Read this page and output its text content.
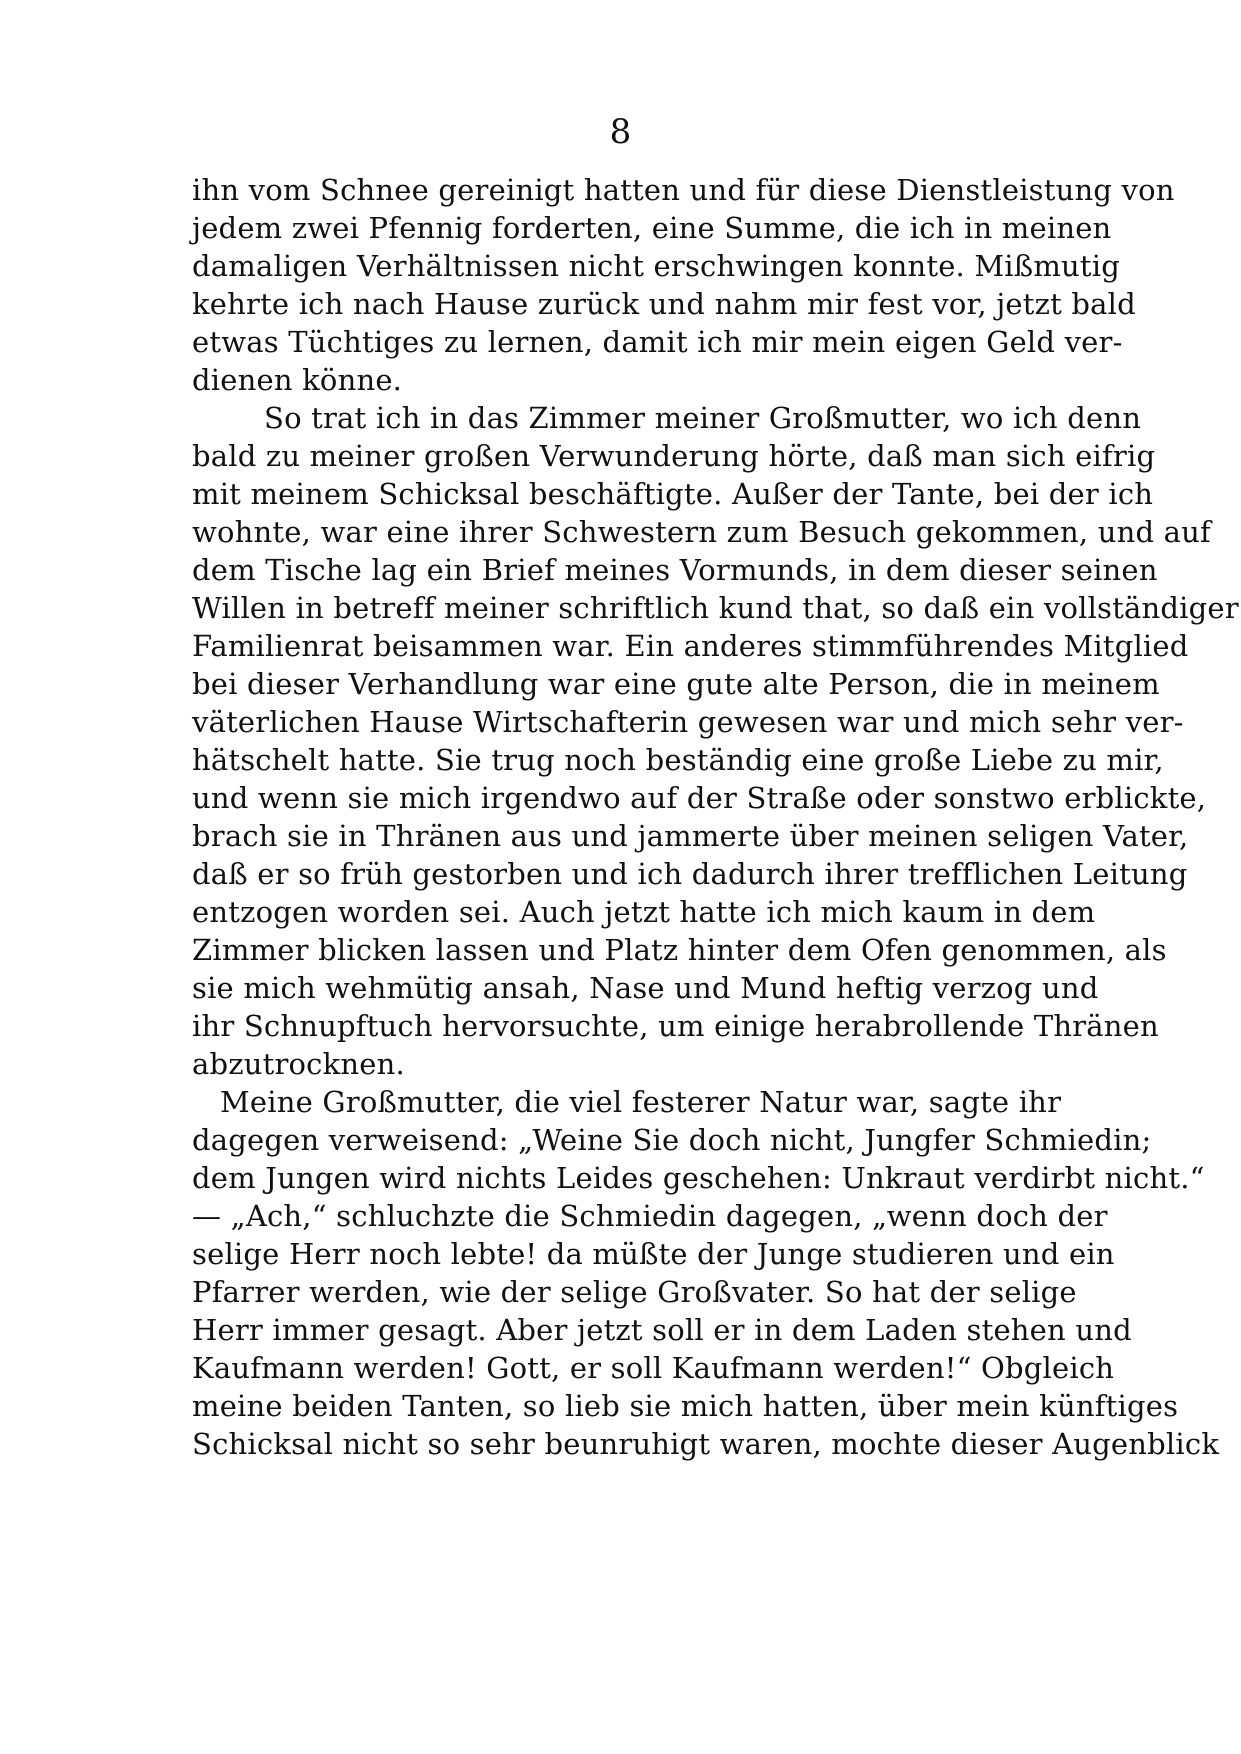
8
ihn vom Schnee gereinigt hatten und für diese Dienstleistung von
jedem zwei Pfennig forderten, eine Summe, die ich in meinen
damaligen Verhältnissen nicht erschwingen konnte. Mißmutig
kehrte ich nach Hause zurück und nahm mir fest vor, jetzt bald
etwas Tüchtiges zu lernen, damit ich mir mein eigen Geld ver-
dienen könne.
So trat ich in das Zimmer meiner Großmutter, wo ich denn
bald zu meiner großen Verwunderung hörte, daß man sich eifrig
mit meinem Schicksal beschäftigte. Außer der Tante, bei der ich
wohnte, war eine ihrer Schwestern zum Besuch gekommen, und auf
dem Tische lag ein Brief meines Vormunds, in dem dieser seinen
Willen in betreff meiner schriftlich kund that, so daß ein vollständiger
Familienrat beisammen war. Ein anderes stimmführendes Mitglied
bei dieser Verhandlung war eine gute alte Person, die in meinem
väterlichen Hause Wirtschafterin gewesen war und mich sehr ver-
hätschelt hatte. Sie trug noch beständig eine große Liebe zu mir,
und wenn sie mich irgendwo auf der Straße oder sonstwo erblickte,
brach sie in Thränen aus und jammerte über meinen seligen Vater,
daß er so früh gestorben und ich dadurch ihrer trefflichen Leitung
entzogen worden sei. Auch jetzt hatte ich mich kaum in dem
Zimmer blicken lassen und Platz hinter dem Ofen genommen, als
sie mich wehmütig ansah, Nase und Mund heftig verzog und
ihr Schnupftuch hervorsuchte, um einige herabrollende Thränen
abzutrocknen.
Meine Großmutter, die viel festerer Natur war, sagte ihr
dagegen verweisend: „Weine Sie doch nicht, Jungfer Schmiedin;
dem Jungen wird nichts Leides geschehen: Unkraut verdirbt nicht.“
— „Ach,“ schluchzte die Schmiedin dagegen, „wenn doch der
selige Herr noch lebte! da müßte der Junge studieren und ein
Pfarrer werden, wie der selige Großvater. So hat der selige
Herr immer gesagt. Aber jetzt soll er in dem Laden stehen und
Kaufmann werden! Gott, er soll Kaufmann werden!“ Obgleich
meine beiden Tanten, so lieb sie mich hatten, über mein künftiges
Schicksal nicht so sehr beunruhigt waren, mochte dieser Augenblick
